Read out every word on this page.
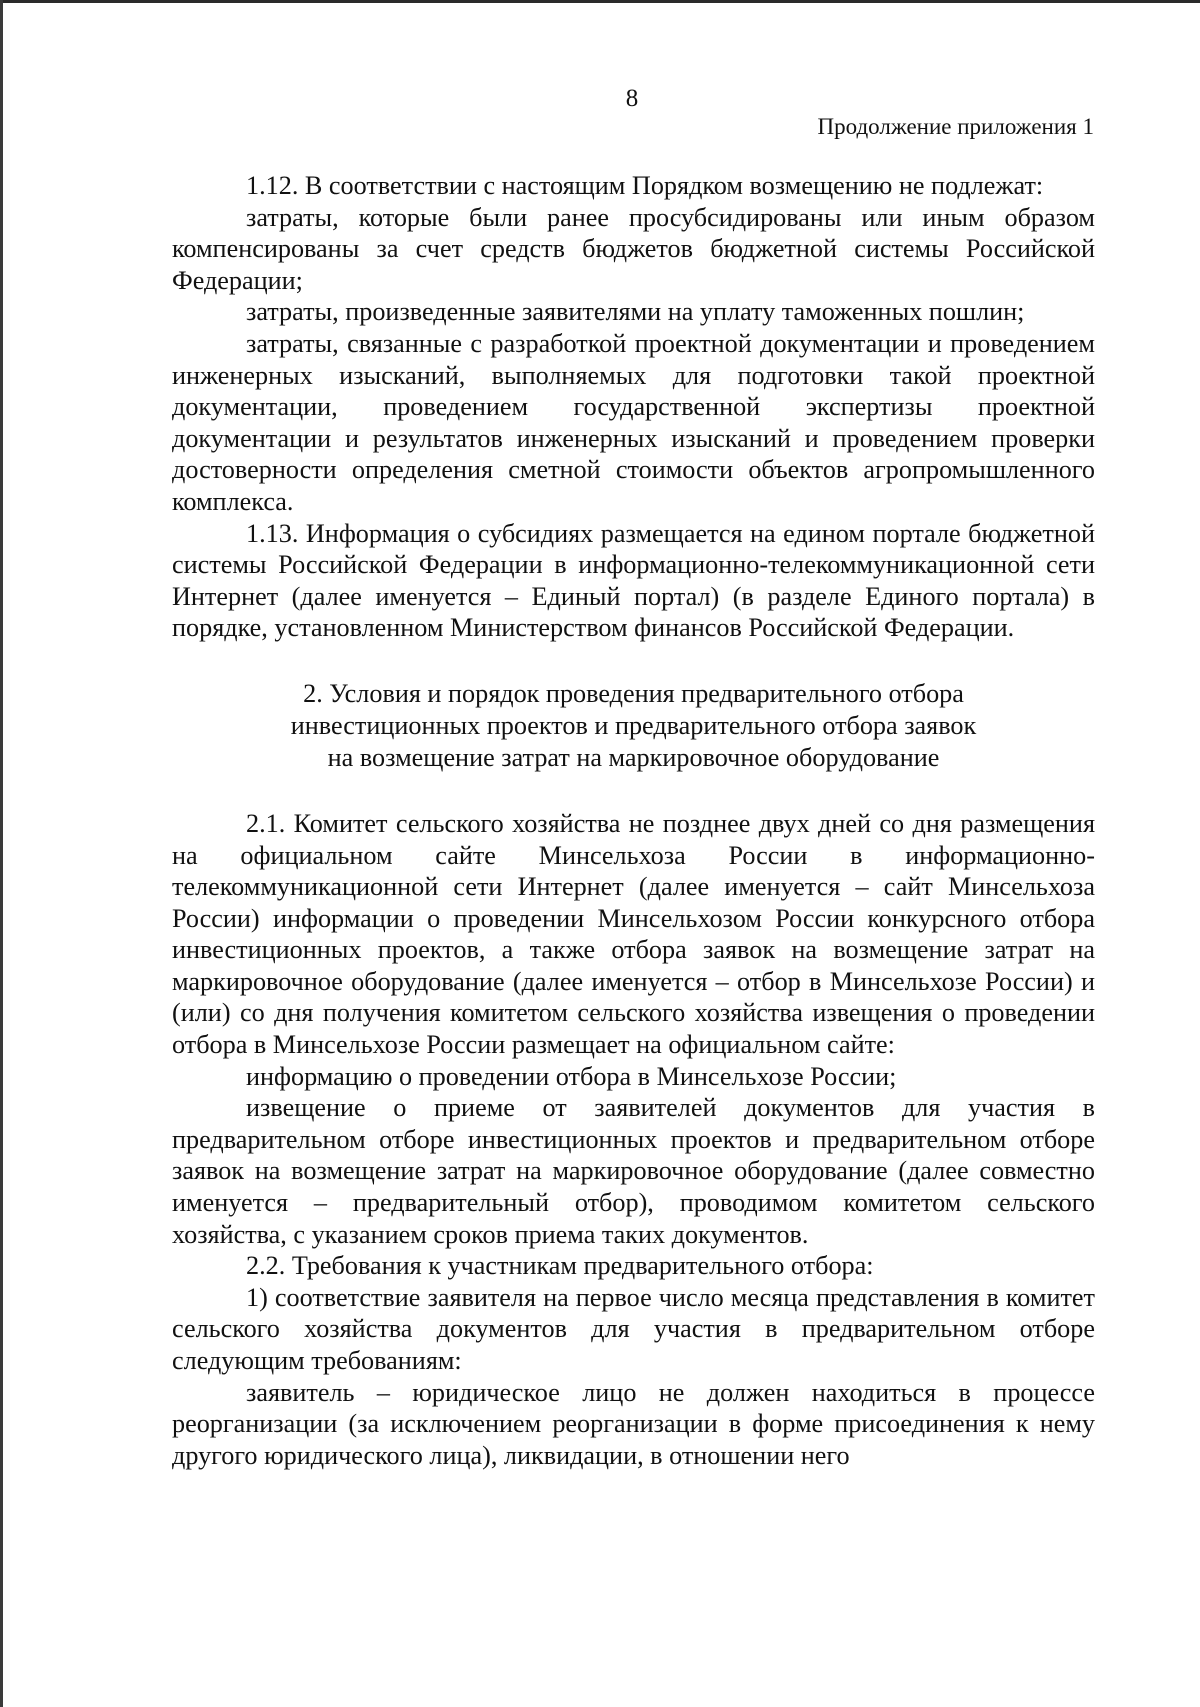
8
Продолжение приложения 1

1.12. В соответствии с настоящим Порядком возмещению не подлежат:

затраты, которые были ранее просубсидированы или иным образом компенсированы за счет средств бюджетов бюджетной системы Российской Федерации;

затраты, произведенные заявителями на уплату таможенных пошлин;

затраты, связанные с разработкой проектной документации и проведением инженерных изысканий, выполняемых для подготовки такой проектной документации, проведением государственной экспертизы проектной документации и результатов инженерных изысканий и проведением проверки достоверности определения сметной стоимости объектов агропромышленного комплекса.

1.13. Информация о субсидиях размещается на едином портале бюджетной системы Российской Федерации в информационно-телекоммуникационной сети Интернет (далее именуется – Единый портал) (в разделе Единого портала) в порядке, установленном Министерством финансов Российской Федерации.

2. Условия и порядок проведения предварительного отбора
инвестиционных проектов и предварительного отбора заявок
на возмещение затрат на маркировочное оборудование

2.1. Комитет сельского хозяйства не позднее двух дней со дня размещения на официальном сайте Минсельхоза России в информационно-телекоммуникационной сети Интернет (далее именуется – сайт Минсельхоза России) информации о проведении Минсельхозом России конкурсного отбора инвестиционных проектов, а также отбора заявок на возмещение затрат на маркировочное оборудование (далее именуется – отбор в Минсельхозе России) и (или) со дня получения комитетом сельского хозяйства извещения о проведении отбора в Минсельхозе России размещает на официальном сайте:

информацию о проведении отбора в Минсельхозе России;

извещение о приеме от заявителей документов для участия в предварительном отборе инвестиционных проектов и предварительном отборе заявок на возмещение затрат на маркировочное оборудование (далее совместно именуется – предварительный отбор), проводимом комитетом сельского хозяйства, с указанием сроков приема таких документов.

2.2. Требования к участникам предварительного отбора:

1) соответствие заявителя на первое число месяца представления в комитет сельского хозяйства документов для участия в предварительном отборе следующим требованиям:

заявитель – юридическое лицо не должен находиться в процессе реорганизации (за исключением реорганизации в форме присоединения к нему другого юридического лица), ликвидации, в отношении него
